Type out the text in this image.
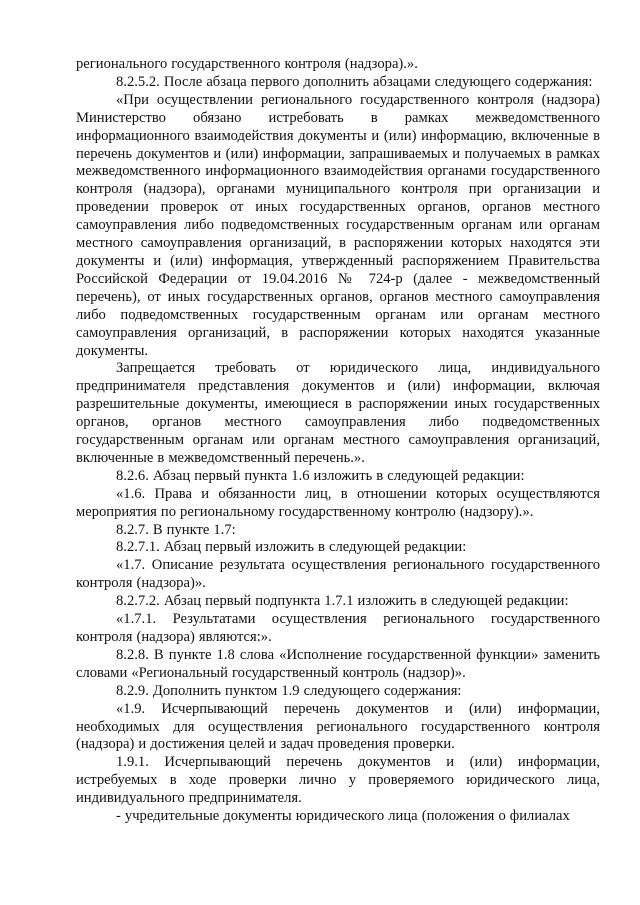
регионального государственного контроля (надзора).».

8.2.5.2. После абзаца первого дополнить абзацами следующего содержания:

«При осуществлении регионального государственного контроля (надзора) Министерство обязано истребовать в рамках межведомственного информационного взаимодействия документы и (или) информацию, включенные в перечень документов и (или) информации, запрашиваемых и получаемых в рамках межведомственного информационного взаимодействия органами государственного контроля (надзора), органами муниципального контроля при организации и проведении проверок от иных государственных органов, органов местного самоуправления либо подведомственных государственным органам или органам местного самоуправления организаций, в распоряжении которых находятся эти документы и (или) информация, утвержденный распоряжением Правительства Российской Федерации от 19.04.2016 № 724-р (далее - межведомственный перечень), от иных государственных органов, органов местного самоуправления либо подведомственных государственным органам или органам местного самоуправления организаций, в распоряжении которых находятся указанные документы.

Запрещается требовать от юридического лица, индивидуального предпринимателя представления документов и (или) информации, включая разрешительные документы, имеющиеся в распоряжении иных государственных органов, органов местного самоуправления либо подведомственных государственным органам или органам местного самоуправления организаций, включенные в межведомственный перечень.».

8.2.6. Абзац первый пункта 1.6 изложить в следующей редакции:

«1.6. Права и обязанности лиц, в отношении которых осуществляются мероприятия по региональному государственному контролю (надзору).».

8.2.7. В пункте 1.7:

8.2.7.1. Абзац первый изложить в следующей редакции:

«1.7. Описание результата осуществления регионального государственного контроля (надзора)».

8.2.7.2. Абзац первый подпункта 1.7.1 изложить в следующей редакции:

«1.7.1. Результатами осуществления регионального государственного контроля (надзора) являются:».

8.2.8. В пункте 1.8 слова «Исполнение государственной функции» заменить словами «Региональный государственный контроль (надзор)».

8.2.9. Дополнить пунктом 1.9 следующего содержания:

«1.9. Исчерпывающий перечень документов и (или) информации, необходимых для осуществления регионального государственного контроля (надзора) и достижения целей и задач проведения проверки.

1.9.1. Исчерпывающий перечень документов и (или) информации, истребуемых в ходе проверки лично у проверяемого юридического лица, индивидуального предпринимателя.

- учредительные документы юридического лица (положения о филиалах
